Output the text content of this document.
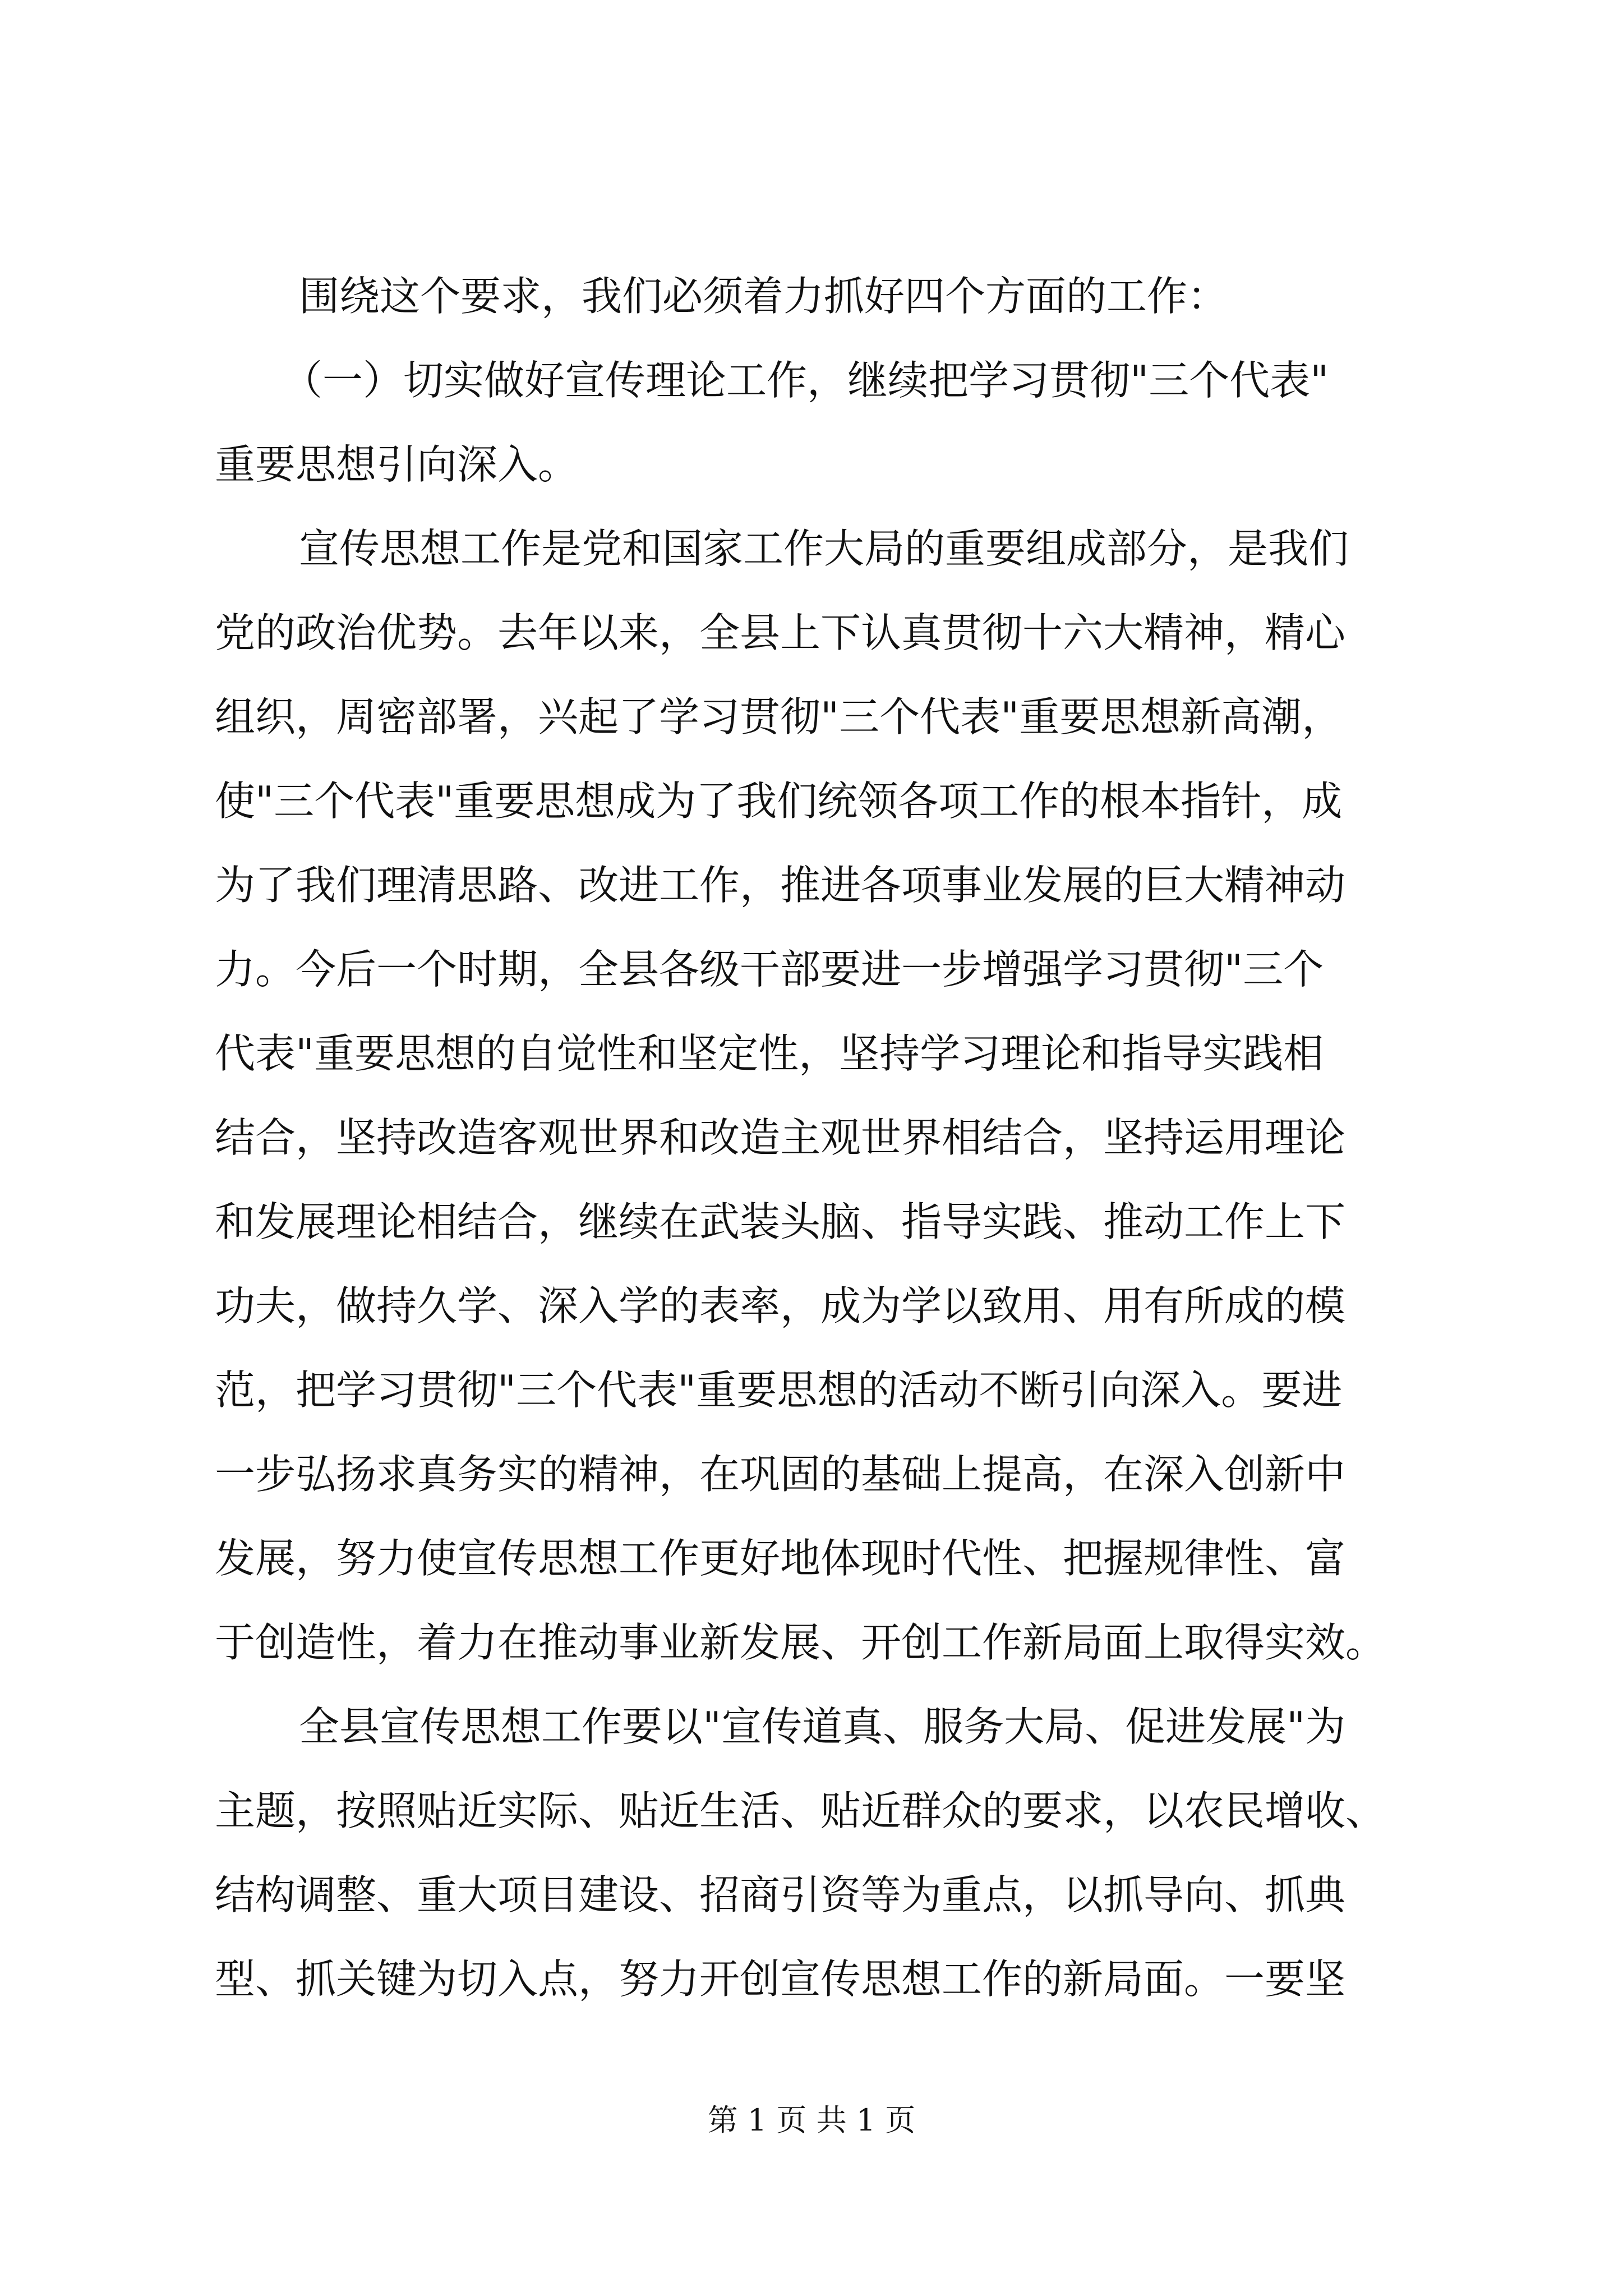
围绕这个要求，我们必须着力抓好四个方面的工作：
（一）切实做好宣传理论工作，继续把学习贯彻"三个代表"
重要思想引向深入。
宣传思想工作是党和国家工作大局的重要组成部分，是我们
党的政治优势。去年以来，全县上下认真贯彻十六大精神，精心
组织，周密部署，兴起了学习贯彻"三个代表"重要思想新高潮，
使"三个代表"重要思想成为了我们统领各项工作的根本指针，成
为了我们理清思路、改进工作，推进各项事业发展的巨大精神动
力。今后一个时期，全县各级干部要进一步增强学习贯彻"三个
代表"重要思想的自觉性和坚定性，坚持学习理论和指导实践相
结合，坚持改造客观世界和改造主观世界相结合，坚持运用理论
和发展理论相结合，继续在武装头脑、指导实践、推动工作上下
功夫，做持久学、深入学的表率，成为学以致用、用有所成的模
范，把学习贯彻"三个代表"重要思想的活动不断引向深入。要进
一步弘扬求真务实的精神，在巩固的基础上提高，在深入创新中
发展，努力使宣传思想工作更好地体现时代性、把握规律性、富
于创造性，着力在推动事业新发展、开创工作新局面上取得实效。
全县宣传思想工作要以"宣传道真、服务大局、促进发展"为
主题，按照贴近实际、贴近生活、贴近群众的要求，以农民增收、
结构调整、重大项目建设、招商引资等为重点，以抓导向、抓典
型、抓关键为切入点，努力开创宣传思想工作的新局面。一要坚
第 1 页 共 1 页
